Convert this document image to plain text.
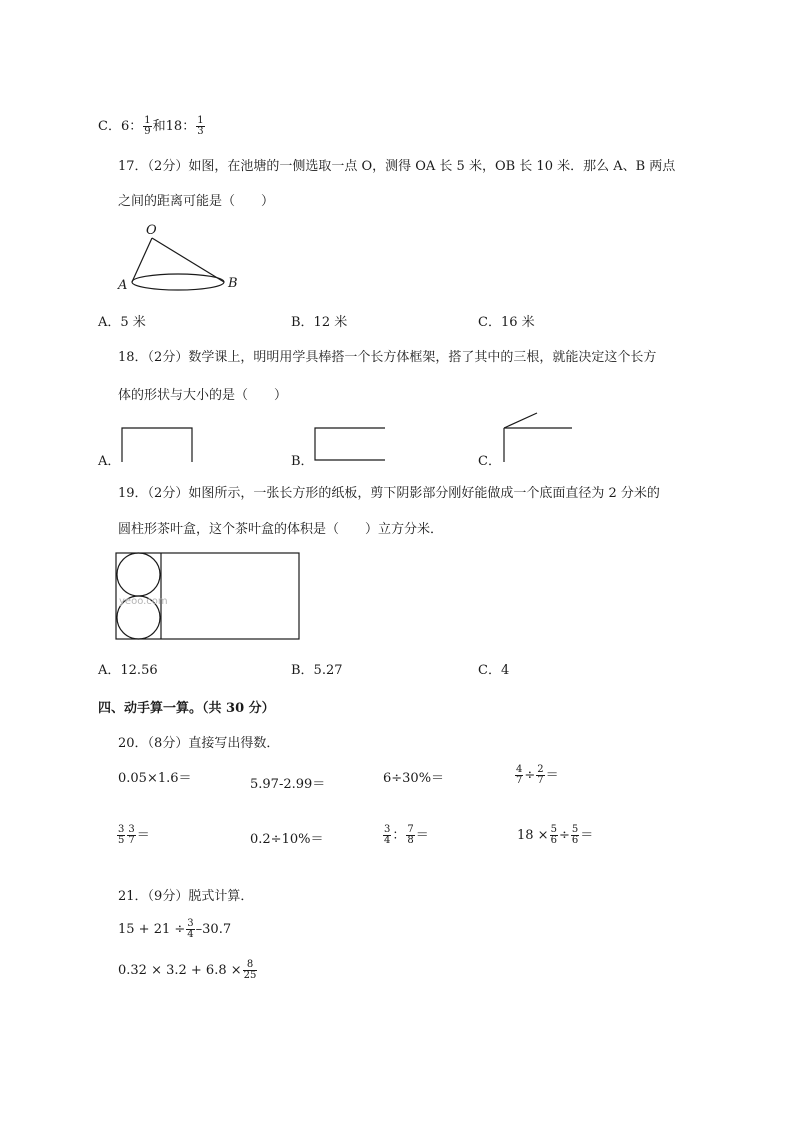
C．6： $\frac{1}{9}$ 和18： $\frac{1}{3}$
17．（2分）如图，在池塘的一侧选取一点 O，测得 OA 长 5 米，OB 长 10 米．那么 A、B 两点
之间的距离可能是（　　）
O
A	B
A．5 米	B．12 米	C．16 米
18．（2分）数学课上，明明用学具棒搭一个长方体框架，搭了其中的三根，就能决定这个长方
体的形状与大小的是（　　）
A．	B．	C．
19．（2分）如图所示，一张长方形的纸板，剪下阴影部分刚好能做成一个底面直径为 2 分米的
圆柱形茶叶盒，这个茶叶盒的体积是（　　）立方分米．
yeoo.com
A．12.56	B．5.27	C．4
四、动手算一算。（共 30 分）
20．（8分）直接写出得数．
0.05×1.6＝	5.97-2.99＝	6÷30%＝	$\frac{4}{7} \div \frac{2}{7}$ ＝
$\frac{3}{5} \frac{3}{7}$ ＝	0.2÷10%＝	$\frac{3}{4}$ ： $\frac{7}{8}$ ＝	$18 \times \frac{5}{6} \div \frac{5}{6}$ ＝
21．（9分）脱式计算．
$15 + 21 \div \frac{3}{4} -30.7$
$0.32 \times 3.2 + 6.8 \times \frac{8}{25}$
